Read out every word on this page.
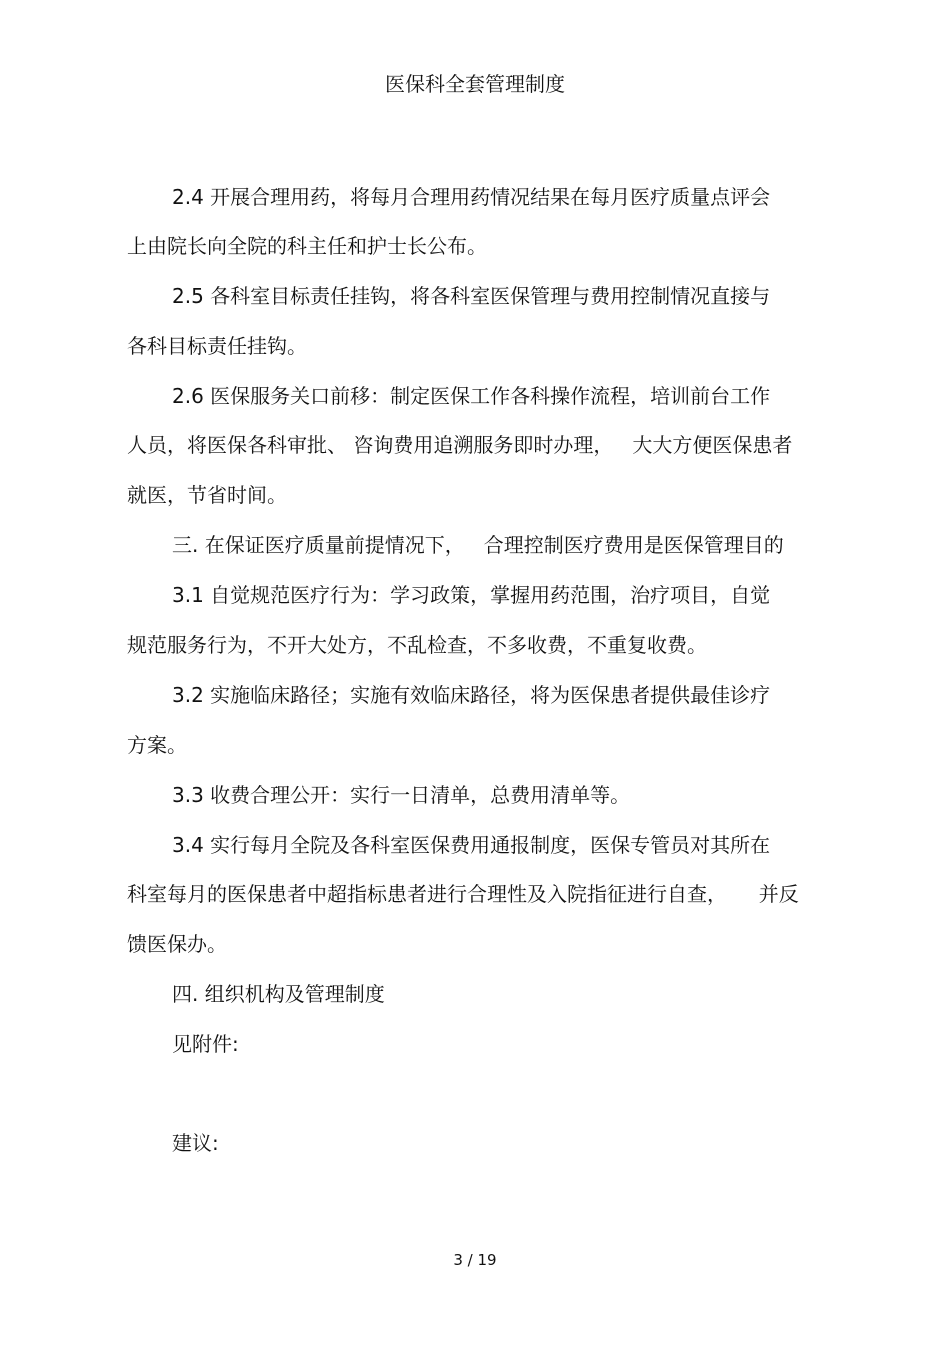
医保科全套管理制度
2.4 开展合理用药，将每月合理用药情况结果在每月医疗质量点评会
上由院长向全院的科主任和护士长公布。
2.5 各科室目标责任挂钩，将各科室医保管理与费用控制情况直接与
各科目标责任挂钩。
2.6 医保服务关口前移：制定医保工作各科操作流程，培训前台工作
人员，将医保各科审批、 咨询费用追溯服务即时办理，   大大方便医保患者
就医，节省时间。
三. 在保证医疗质量前提情况下，   合理控制医疗费用是医保管理目的
3.1 自觉规范医疗行为：学习政策，掌握用药范围，治疗项目，自觉
规范服务行为，不开大处方，不乱检查，不多收费，不重复收费。
3.2 实施临床路径；实施有效临床路径，将为医保患者提供最佳诊疗
方案。
3.3 收费合理公开：实行一日清单，总费用清单等。
3.4 实行每月全院及各科室医保费用通报制度，医保专管员对其所在
科室每月的医保患者中超指标患者进行合理性及入院指征进行自查，     并反
馈医保办。
四. 组织机构及管理制度
见附件:
建议:
3 / 19
